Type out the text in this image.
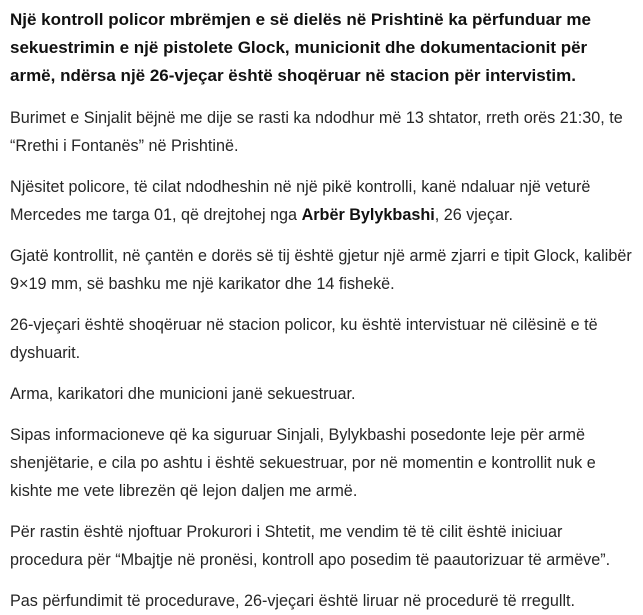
Një kontroll policor mbrëmjen e së dielës në Prishtinë ka përfunduar me sekuestrimin e një pistolete Glock, municionit dhe dokumentacionit për armë, ndërsa një 26-vjeçar është shoqëruar në stacion për intervistim.

Burimet e Sinjalit bëjnë me dije se rasti ka ndodhur më 13 shtator, rreth orës 21:30, te “Rrethi i Fontanës” në Prishtinë.

Njësitet policore, të cilat ndodheshin në një pikë kontrolli, kanë ndaluar një veturë Mercedes me targa 01, që drejtohej nga Arbër Bylykbashi, 26 vjeçar.

Gjatë kontrollit, në çantën e dorës së tij është gjetur një armë zjarri e tipit Glock, kalibër 9×19 mm, së bashku me një karikator dhe 14 fishekë.

26-vjeçari është shoqëruar në stacion policor, ku është intervistuar në cilësinë e të dyshuarit.

Arma, karikatori dhe municioni janë sekuestruar.

Sipas informacioneve që ka siguruar Sinjali, Bylykbashi posedonte leje për armë shenjëtarie, e cila po ashtu i është sekuestruar, por në momentin e kontrollit nuk e kishte me vete librezën që lejon daljen me armë.

Për rastin është njoftuar Prokurori i Shtetit, me vendim të të cilit është iniciuar procedura për “Mbajtje në pronësi, kontroll apo posedim të paautorizuar të armëve”.

Pas përfundimit të procedurave, 26-vjeçari është liruar në procedurë të rregullt.
